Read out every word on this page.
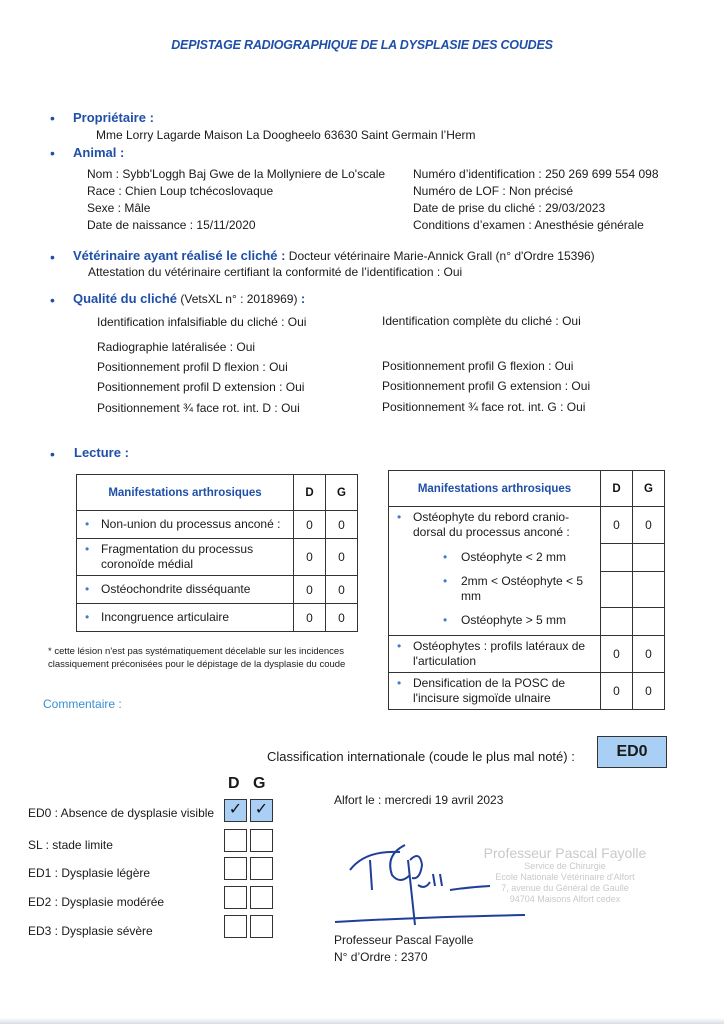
DEPISTAGE RADIOGRAPHIQUE DE LA DYSPLASIE DES COUDES
• Propriétaire :
Mme Lorry Lagarde Maison La Doogheelo 63630 Saint Germain l’Herm
• Animal :
Nom : Sybb'Loggh Baj Gwe de la Mollyniere de Lo'scale
Race : Chien Loup tchécoslovaque
Sexe : Mâle
Date de naissance : 15/11/2020
Numéro d’identification : 250 269 699 554 098
Numéro de LOF : Non précisé
Date de prise du cliché : 29/03/2023
Conditions d’examen : Anesthésie générale
• Vétérinaire ayant réalisé le cliché : Docteur vétérinaire Marie-Annick Grall (n° d'Ordre 15396)
Attestation du vétérinaire certifiant la conformité de l’identification : Oui
• Qualité du cliché (VetsXL n° : 2018969) :
Identification infalsifiable du cliché : Oui	Identification complète du cliché : Oui
Radiographie latéralisée : Oui
Positionnement profil D flexion : Oui	Positionnement profil G flexion : Oui
Positionnement profil D extension : Oui	Positionnement profil G extension : Oui
Positionnement ¾ face rot. int. D : Oui	Positionnement ¾ face rot. int. G : Oui
• Lecture :
Manifestations arthrosiques	D	G

• Non-union du processus anconé :	0	0

• Fragmentation du processus coronoïde médial	0	0

• Ostéochondrite disséquante	0	0

• Incongruence articulaire	0	0
Manifestations arthrosiques	D	G

• Ostéophyte du rebord cranio-dorsal du processus anconé :	0	0

• Ostéophyte < 2 mm		

• 2mm < Ostéophyte < 5 mm		

• Ostéophyte > 5 mm		

• Ostéophytes : profils latéraux de l'articulation	0	0

• Densification de la POSC de l'incisure sigmoïde ulnaire	0	0
* cette lésion n'est pas systématiquement décelable sur les incidences classiquement préconisées pour le dépistage de la dysplasie du coude
Commentaire :
Classification internationale (coude le plus mal noté) :	ED0
D G
ED0 : Absence de dysplasie visible ✓ ✓
SL : stade limite
ED1 : Dysplasie légère
ED2 : Dysplasie modérée
ED3 : Dysplasie sévère
Alfort le : mercredi 19 avril 2023
Professeur Pascal Fayolle
Service de Chirurgie
Ecole Nationale Vétérinaire d'Alfort
7, avenue du Général de Gaulle
94704 Maisons Alfort cedex
Professeur Pascal Fayolle
N° d’Ordre : 2370
